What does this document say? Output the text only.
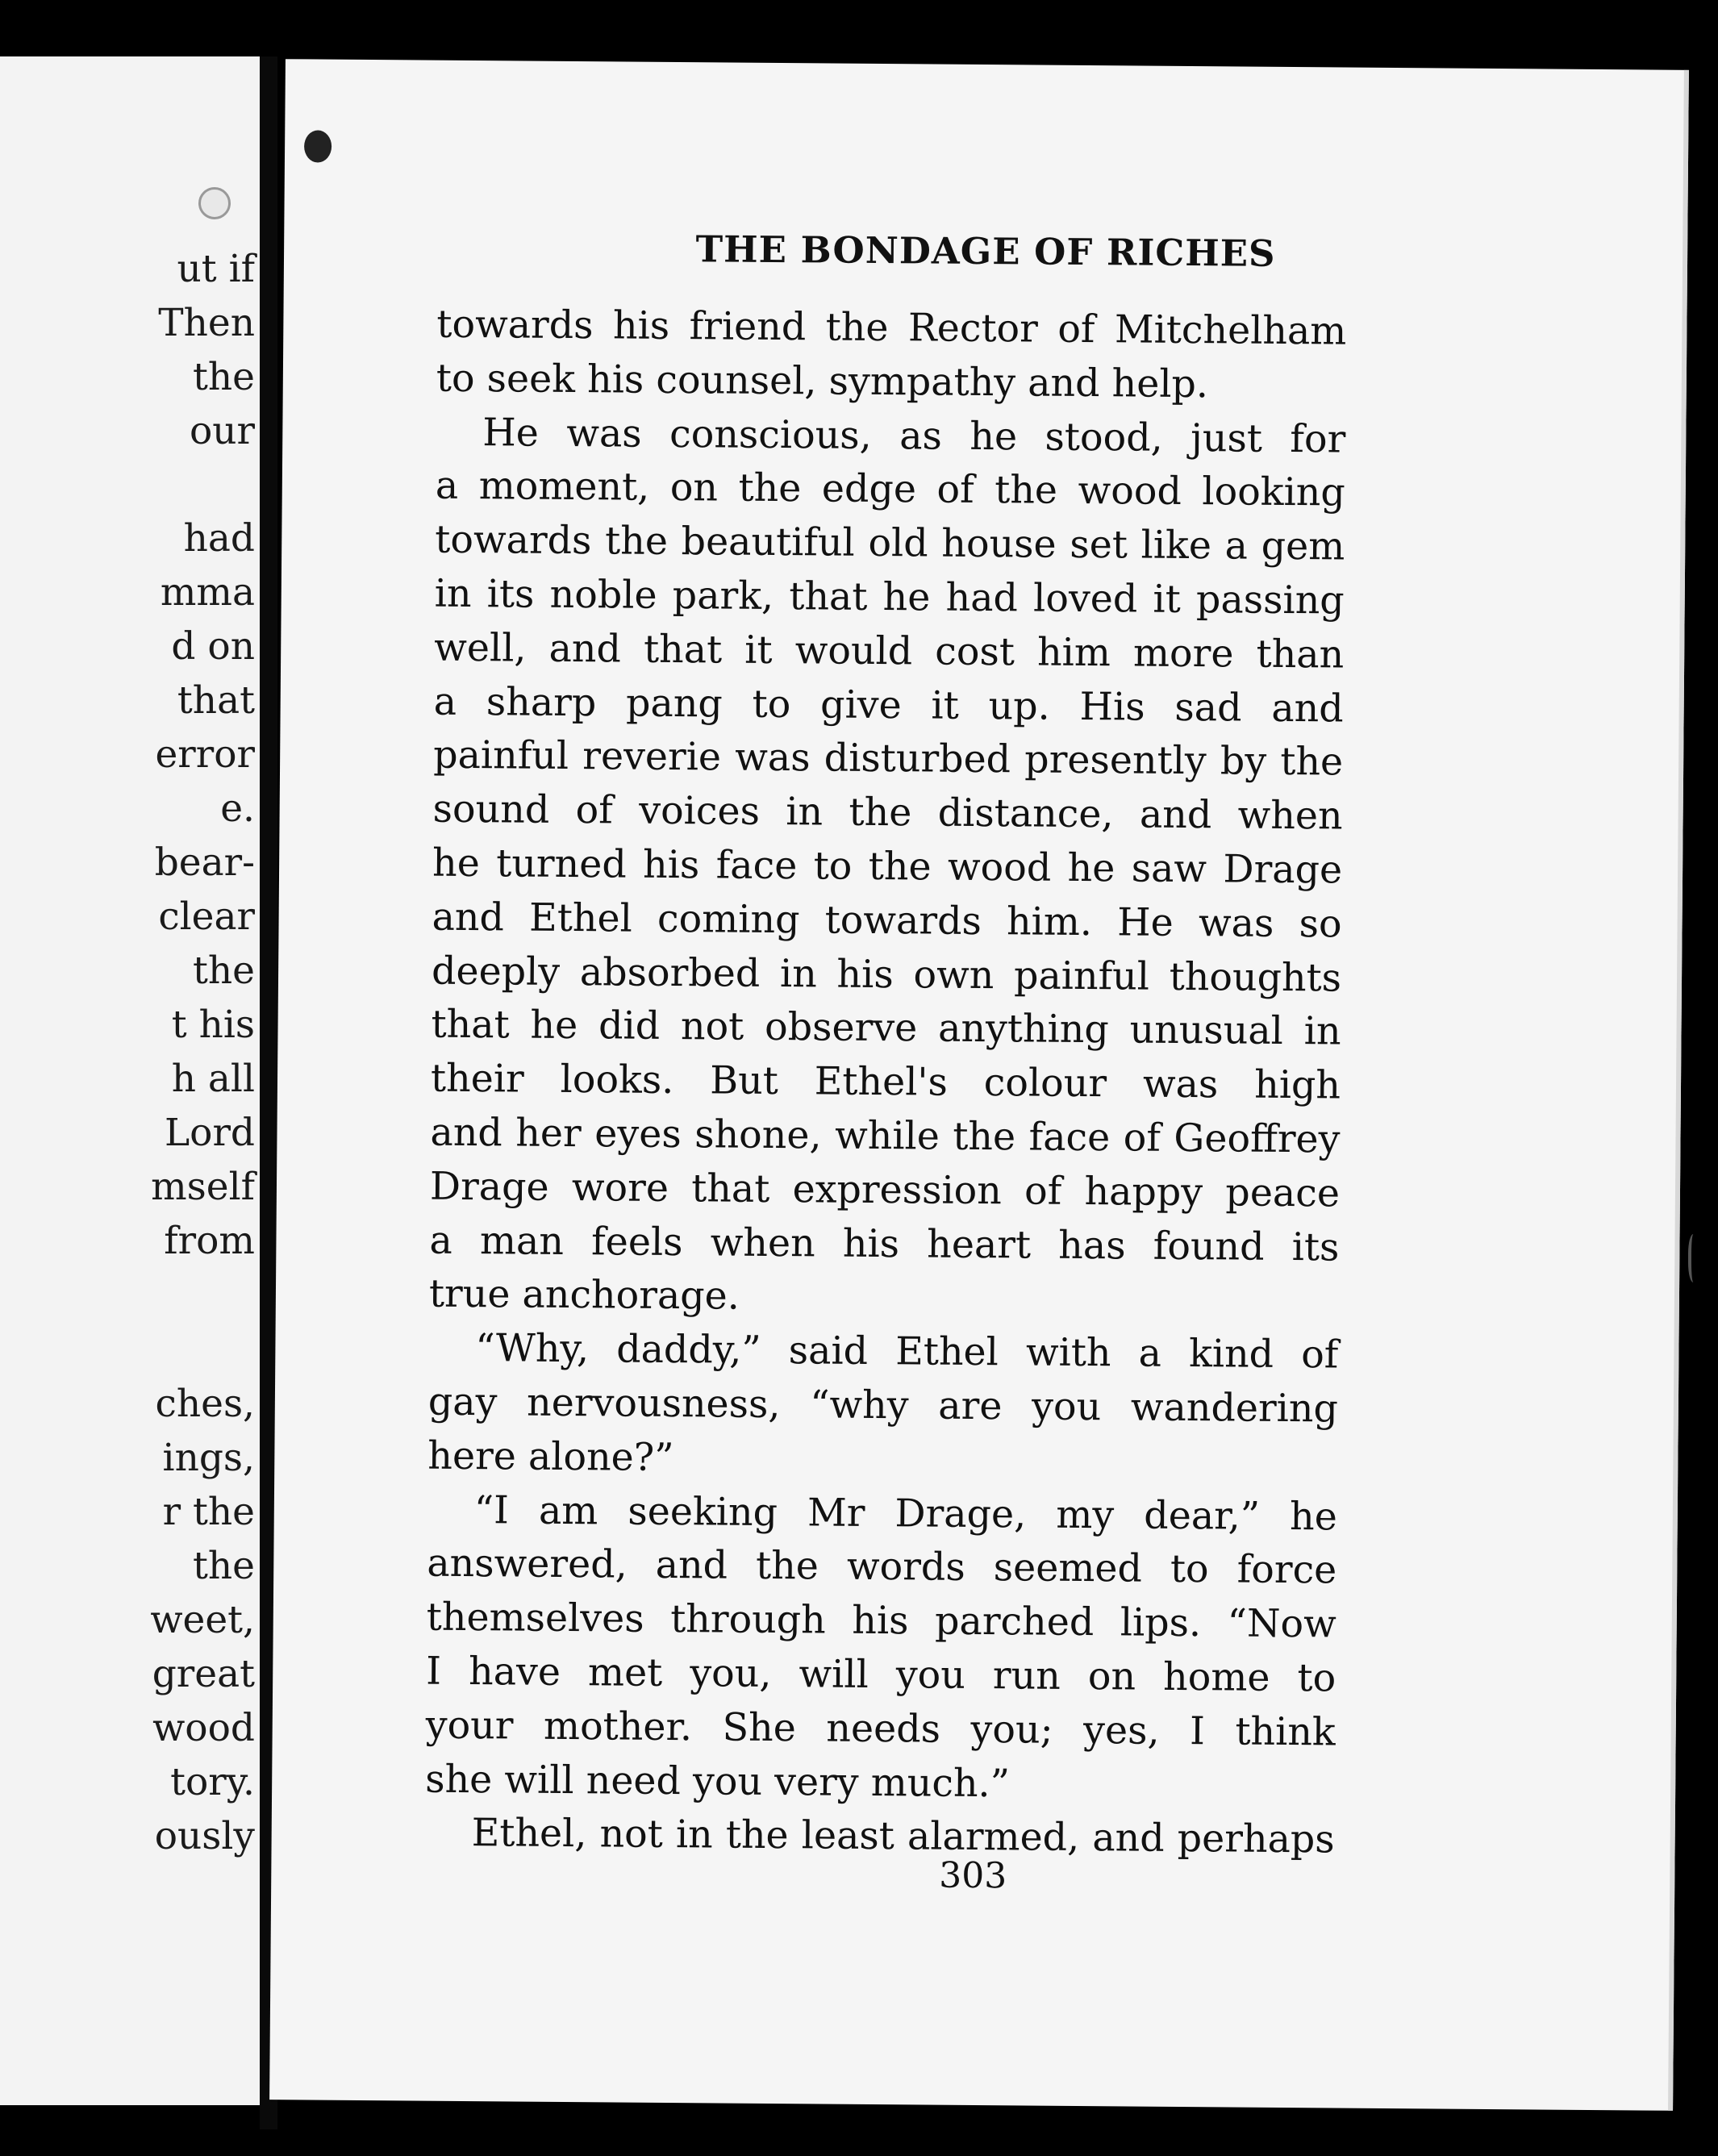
ut if
Then
the
our
had
mma
d on
that
error
e.
bear-
clear
the
t his
h all
Lord
mself
from
ches,
ings,
r the
the
weet,
great
wood
tory.
ously
THE BONDAGE OF RICHES
towards his friend the Rector of Mitchelham
to seek his counsel, sympathy and help.
He was conscious, as he stood, just for
a moment, on the edge of the wood looking
towards the beautiful old house set like a gem
in its noble park, that he had loved it passing
well, and that it would cost him more than
a sharp pang to give it up. His sad and
painful reverie was disturbed presently by the
sound of voices in the distance, and when
he turned his face to the wood he saw Drage
and Ethel coming towards him. He was so
deeply absorbed in his own painful thoughts
that he did not observe anything unusual in
their looks. But Ethel's colour was high
and her eyes shone, while the face of Geoffrey
Drage wore that expression of happy peace
a man feels when his heart has found its
true anchorage.
“Why, daddy,” said Ethel with a kind of
gay nervousness, “why are you wandering
here alone?”
“I am seeking Mr Drage, my dear,” he
answered, and the words seemed to force
themselves through his parched lips. “Now
I have met you, will you run on home to
your mother. She needs you; yes, I think
she will need you very much.”
Ethel, not in the least alarmed, and perhaps
303
